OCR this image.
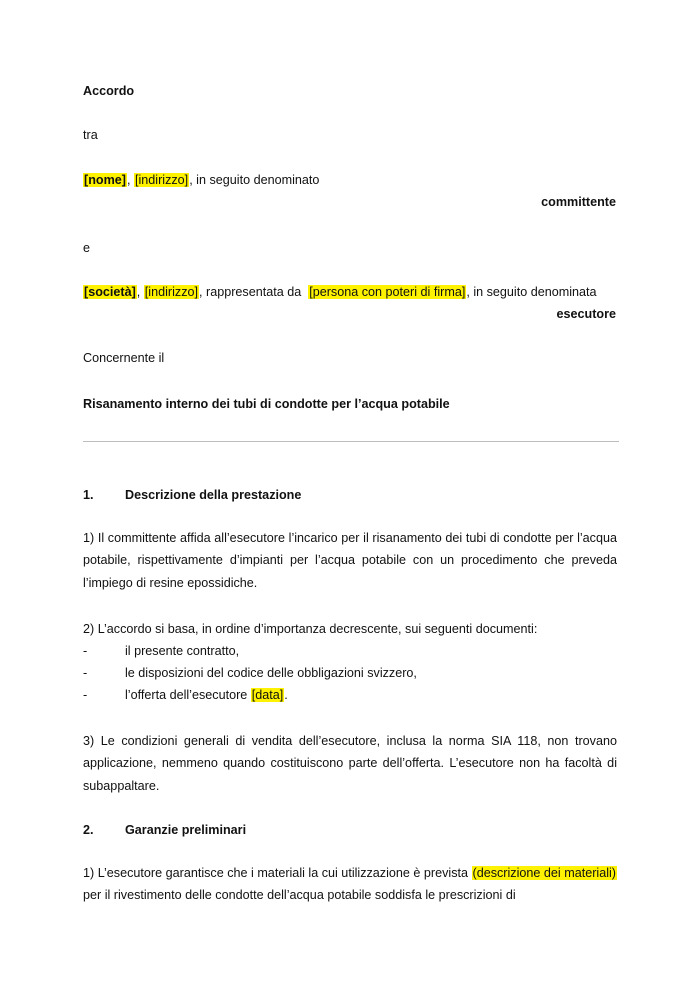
Accordo

tra

[nome], [indirizzo], in seguito denominato

committente

e

[società], [indirizzo], rappresentata da  [persona con poteri di firma], in seguito denominata

esecutore

Concernente il

Risanamento interno dei tubi di condotte per l’acqua potabile

1. Descrizione della prestazione

1) Il committente affida all’esecutore l’incarico per il risanamento dei tubi di condotte per l’acqua potabile, rispettivamente d’impianti per l’acqua potabile con un procedimento che preveda l’impiego di resine epossidiche.

2) L’accordo si basa, in ordine d’importanza decrescente, sui seguenti documenti:

-	il presente contratto,
-	le disposizioni del codice delle obbligazioni svizzero,
-	l’offerta dell’esecutore [data].

3) Le condizioni generali di vendita dell’esecutore, inclusa la norma SIA 118, non trovano applicazione, nemmeno quando costituiscono parte dell’offerta. L’esecutore non ha facoltà di subappaltare.

2. Garanzie preliminari

1) L’esecutore garantisce che i materiali la cui utilizzazione è prevista (descrizione dei materiali) per il rivestimento delle condotte dell’acqua potabile soddisfa le prescrizioni di
